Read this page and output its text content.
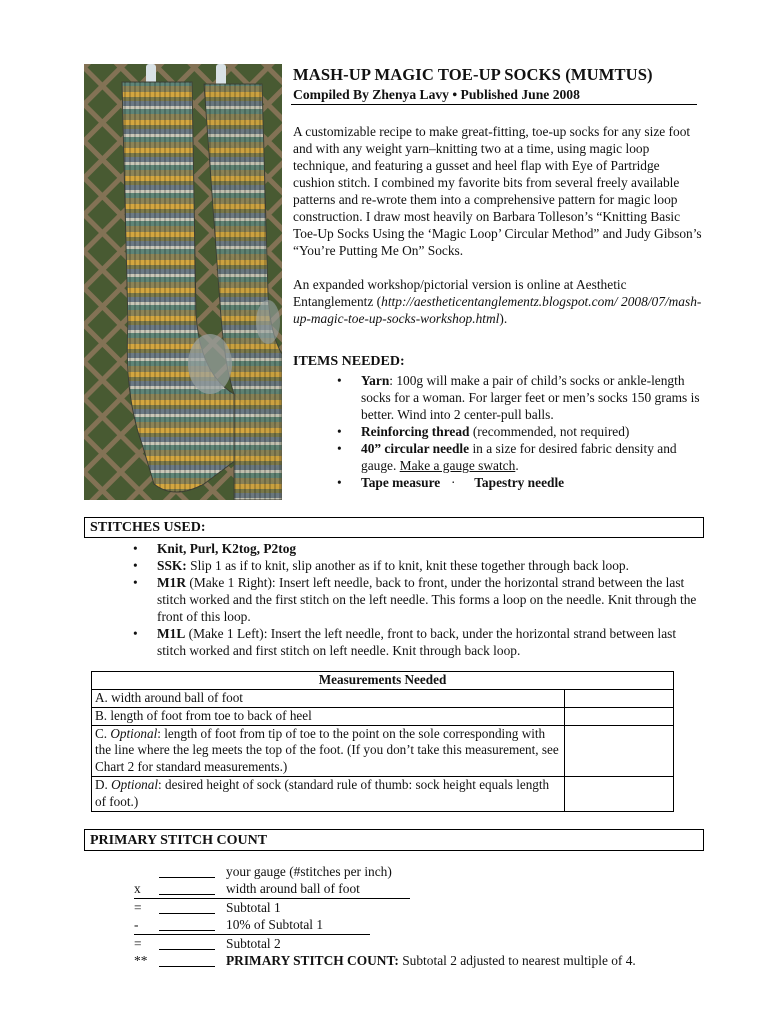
MASH-UP MAGIC TOE-UP SOCKS (MUMTUS)
Compiled By Zhenya Lavy • Published June 2008

A customizable recipe to make great-fitting, toe-up socks for any size foot and with any weight yarn–knitting two at a time, using magic loop technique, and featuring a gusset and heel flap with Eye of Partridge cushion stitch. I combined my favorite bits from several freely available patterns and re-wrote them into a comprehensive pattern for magic loop construction. I draw most heavily on Barbara Tolleson’s “Knitting Basic Toe-Up Socks Using the ‘Magic Loop’ Circular Method” and Judy Gibson’s “You’re Putting Me On” Socks.

An expanded workshop/pictorial version is online at Aesthetic Entanglementz (http://aestheticentanglementz.blogspot.com/ 2008/07/mash-up-magic-toe-up-socks-workshop.html).
ITEMS NEEDED:
• Yarn: 100g will make a pair of child’s socks or ankle-length socks for a woman. For larger feet or men’s socks 150 grams is better. Wind into 2 center-pull balls.
• Reinforcing thread (recommended, not required)
• 40” circular needle in a size for desired fabric density and gauge. Make a gauge swatch.
• Tape measure · Tapestry needle
STITCHES USED:
• Knit, Purl, K2tog, P2tog
• SSK: Slip 1 as if to knit, slip another as if to knit, knit these together through back loop.
• M1R (Make 1 Right): Insert left needle, back to front, under the horizontal strand between the last stitch worked and the first stitch on the left needle. This forms a loop on the needle. Knit through the front of this loop.
• M1L (Make 1 Left): Insert the left needle, front to back, under the horizontal strand between last stitch worked and first stitch on left needle. Knit through back loop.
Measurements Needed	
A. width around ball of foot	
B. length of foot from toe to back of heel	
C. Optional: length of foot from tip of toe to the point on the sole corresponding with the line where the leg meets the top of the foot. (If you don’t take this measurement, see Chart 2 for standard measurements.)	
D. Optional: desired height of sock (standard rule of thumb: sock height equals length of foot.)	
PRIMARY STITCH COUNT
your gauge (#stitches per inch)
x	width around ball of foot
=	Subtotal 1
-	10% of Subtotal 1
=	Subtotal 2
**	PRIMARY STITCH COUNT: Subtotal 2 adjusted to nearest multiple of 4.
